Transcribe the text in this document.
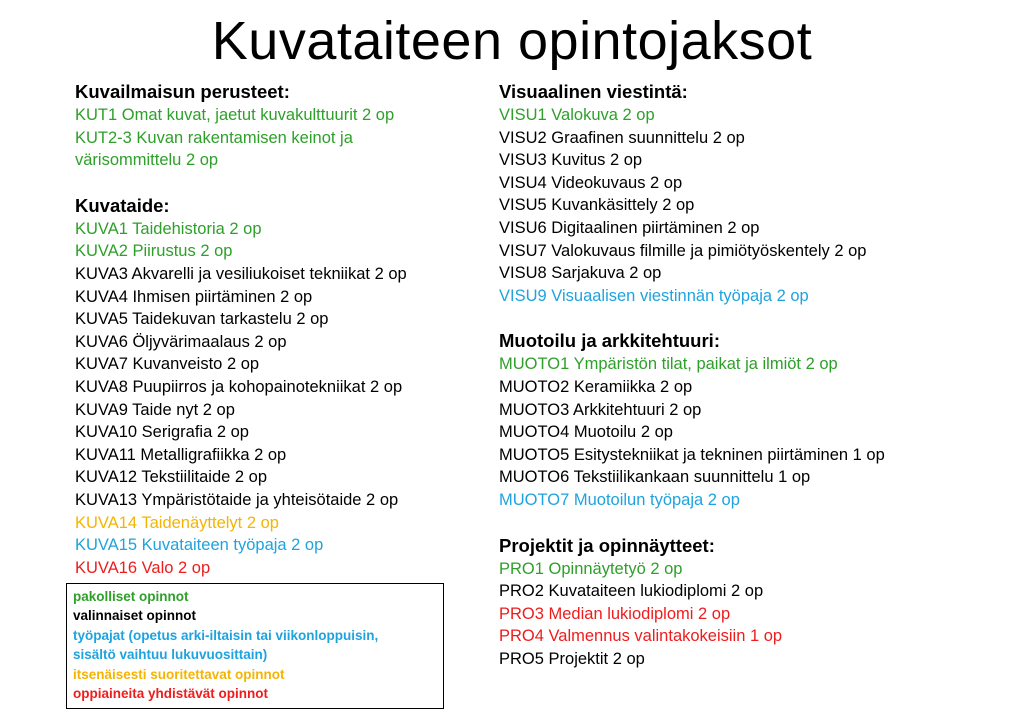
Kuvataiteen opintojaksot
Kuvailmaisun perusteet:
KUT1 Omat kuvat, jaetut kuvakulttuurit 2 op
KUT2-3 Kuvan rakentamisen keinot ja
värisommittelu 2 op
Kuvataide:
KUVA1 Taidehistoria 2 op
KUVA2 Piirustus 2 op
KUVA3 Akvarelli ja vesiliukoiset tekniikat 2 op
KUVA4 Ihmisen piirtäminen 2 op
KUVA5 Taidekuvan tarkastelu 2 op
KUVA6 Öljyvärimaalaus 2 op
KUVA7 Kuvanveisto 2 op
KUVA8 Puupiirros ja kohopainotekniikat 2 op
KUVA9 Taide nyt 2 op
KUVA10 Serigrafia 2 op
KUVA11 Metalligrafiikka 2 op
KUVA12 Tekstiilitaide 2 op
KUVA13 Ympäristötaide ja yhteisötaide 2 op
KUVA14 Taidenäyttelyt 2 op
KUVA15 Kuvataiteen työpaja 2 op
KUVA16 Valo 2 op
Visuaalinen viestintä:
VISU1 Valokuva 2 op
VISU2 Graafinen suunnittelu 2 op
VISU3 Kuvitus 2 op
VISU4 Videokuvaus 2 op
VISU5 Kuvankäsittely 2 op
VISU6 Digitaalinen piirtäminen 2 op
VISU7 Valokuvaus filmille ja pimiötyöskentely 2 op
VISU8 Sarjakuva 2 op
VISU9 Visuaalisen viestinnän työpaja 2 op
Muotoilu ja arkkitehtuuri:
MUOTO1 Ympäristön tilat, paikat ja ilmiöt 2 op
MUOTO2 Keramiikka 2 op
MUOTO3 Arkkitehtuuri 2 op
MUOTO4 Muotoilu 2 op
MUOTO5 Esitystekniikat ja tekninen piirtäminen 1 op
MUOTO6 Tekstiilikankaan suunnittelu 1 op
MUOTO7 Muotoilun työpaja 2 op
Projektit ja opinnäytteet:
PRO1 Opinnäytetyö 2 op
PRO2 Kuvataiteen lukiodiplomi 2 op
PRO3 Median lukiodiplomi 2 op
PRO4 Valmennus valintakokeisiin 1 op
PRO5 Projektit 2 op
pakolliset opinnot
valinnaiset opinnot
työpajat (opetus arki-iltaisin tai viikonloppuisin,
sisältö vaihtuu lukuvuosittain)
itsenäisesti suoritettavat opinnot
oppiaineita yhdistävät opinnot
